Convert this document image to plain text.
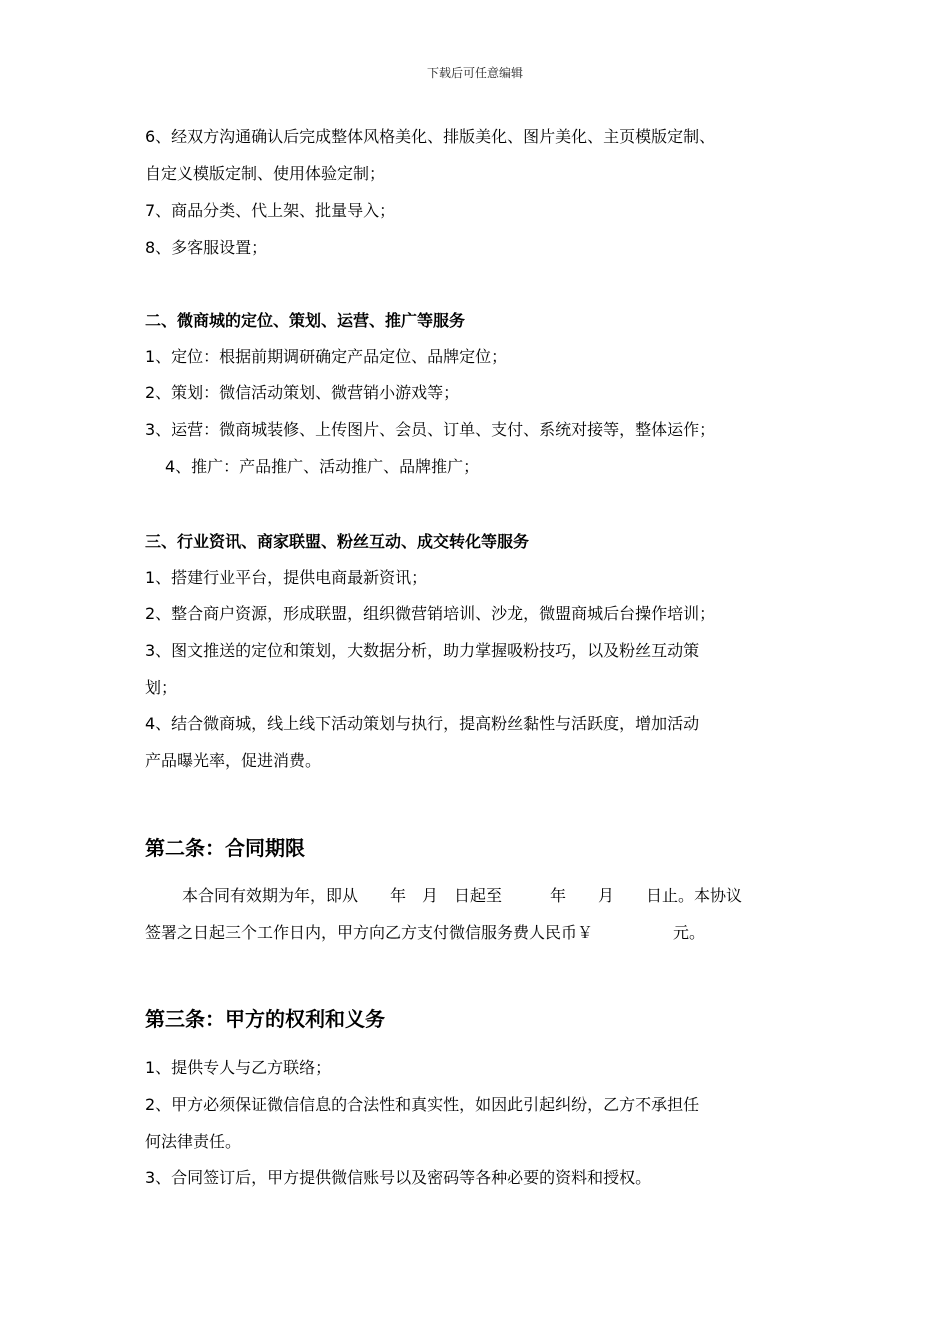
下载后可任意编辑
6、经双方沟通确认后完成整体风格美化、排版美化、图片美化、主页模版定制、
自定义模版定制、使用体验定制；
7、商品分类、代上架、批量导入；
8、多客服设置；
二、微商城的定位、策划、运营、推广等服务
1、定位：根据前期调研确定产品定位、品牌定位；
2、策划：微信活动策划、微营销小游戏等；
3、运营：微商城装修、上传图片、会员、订单、支付、系统对接等，整体运作；
4、推广：产品推广、活动推广、品牌推广；
三、行业资讯、商家联盟、粉丝互动、成交转化等服务
1、搭建行业平台，提供电商最新资讯；
2、整合商户资源，形成联盟，组织微营销培训、沙龙，微盟商城后台操作培训；
3、图文推送的定位和策划，大数据分析，助力掌握吸粉技巧，以及粉丝互动策
划；
4、结合微商城，线上线下活动策划与执行，提高粉丝黏性与活跃度，增加活动
产品曝光率，促进消费。
第二条：合同期限
本合同有效期为年，即从　　年　月　日起至　　　年　　月　　日止。本协议
签署之日起三个工作日内，甲方向乙方支付微信服务费人民币￥　　　　　元。
第三条：甲方的权利和义务
1、提供专人与乙方联络；
2、甲方必须保证微信信息的合法性和真实性，如因此引起纠纷，乙方不承担任
何法律责任。
3、合同签订后，甲方提供微信账号以及密码等各种必要的资料和授权。
